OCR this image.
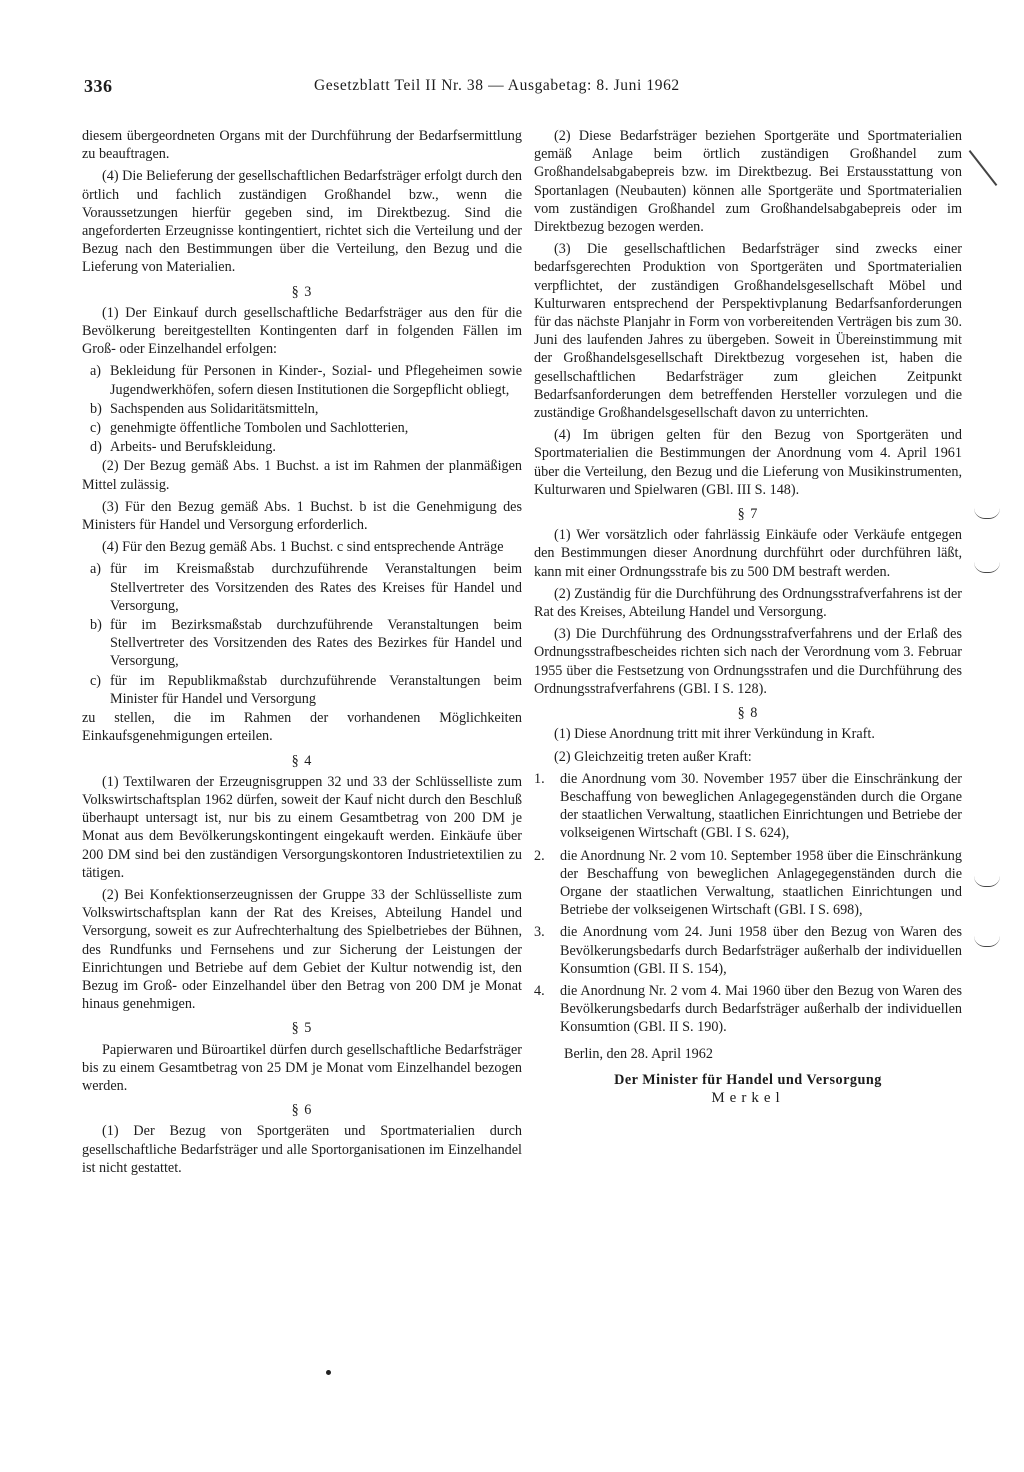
336	Gesetzblatt Teil II Nr. 38 — Ausgabetag: 8. Juni 1962

diesem übergeordneten Organs mit der Durchführung der Bedarfsermittlung zu beauftragen.

(4) Die Belieferung der gesellschaftlichen Bedarfsträger erfolgt durch den örtlich und fachlich zuständigen Großhandel bzw., wenn die Voraussetzungen hierfür gegeben sind, im Direktbezug. Sind die angeforderten Erzeugnisse kontingentiert, richtet sich die Verteilung und der Bezug nach den Bestimmungen über die Verteilung, den Bezug und die Lieferung von Materialien.

§ 3

(1) Der Einkauf durch gesellschaftliche Bedarfsträger aus den für die Bevölkerung bereitgestellten Kontingenten darf in folgenden Fällen im Groß- oder Einzelhandel erfolgen:

a) Bekleidung für Personen in Kinder-, Sozial- und Pflegeheimen sowie Jugendwerkhöfen, sofern diesen Institutionen die Sorgepflicht obliegt,
b) Sachspenden aus Solidaritätsmitteln,
c) genehmigte öffentliche Tombolen und Sachlotterien,
d) Arbeits- und Berufskleidung.

(2) Der Bezug gemäß Abs. 1 Buchst. a ist im Rahmen der planmäßigen Mittel zulässig.

(3) Für den Bezug gemäß Abs. 1 Buchst. b ist die Genehmigung des Ministers für Handel und Versorgung erforderlich.

(4) Für den Bezug gemäß Abs. 1 Buchst. c sind entsprechende Anträge

a) für im Kreismaßstab durchzuführende Veranstaltungen beim Stellvertreter des Vorsitzenden des Rates des Kreises für Handel und Versorgung,
b) für im Bezirksmaßstab durchzuführende Veranstaltungen beim Stellvertreter des Vorsitzenden des Rates des Bezirkes für Handel und Versorgung,
c) für im Republikmaßstab durchzuführende Veranstaltungen beim Minister für Handel und Versorgung

zu stellen, die im Rahmen der vorhandenen Möglichkeiten Einkaufsgenehmigungen erteilen.

§ 4

(1) Textilwaren der Erzeugnisgruppen 32 und 33 der Schlüsselliste zum Volkswirtschaftsplan 1962 dürfen, soweit der Kauf nicht durch den Beschluß überhaupt untersagt ist, nur bis zu einem Gesamtbetrag von 200 DM je Monat aus dem Bevölkerungskontingent eingekauft werden. Einkäufe über 200 DM sind bei den zuständigen Versorgungskontoren Industrietextilien zu tätigen.

(2) Bei Konfektionserzeugnissen der Gruppe 33 der Schlüsselliste zum Volkswirtschaftsplan kann der Rat des Kreises, Abteilung Handel und Versorgung, soweit es zur Aufrechterhaltung des Spielbetriebes der Bühnen, des Rundfunks und Fernsehens und zur Sicherung der Leistungen der Einrichtungen und Betriebe auf dem Gebiet der Kultur notwendig ist, den Bezug im Groß- oder Einzelhandel über den Betrag von 200 DM je Monat hinaus genehmigen.

§ 5

Papierwaren und Büroartikel dürfen durch gesellschaftliche Bedarfsträger bis zu einem Gesamtbetrag von 25 DM je Monat vom Einzelhandel bezogen werden.

§ 6

(1) Der Bezug von Sportgeräten und Sportmaterialien durch gesellschaftliche Bedarfsträger und alle Sportorganisationen im Einzelhandel ist nicht gestattet.

(2) Diese Bedarfsträger beziehen Sportgeräte und Sportmaterialien gemäß Anlage beim örtlich zuständigen Großhandel zum Großhandelsabgabepreis bzw. im Direktbezug. Bei Erstausstattung von Sportanlagen (Neubauten) können alle Sportgeräte und Sportmaterialien vom zuständigen Großhandel zum Großhandelsabgabepreis oder im Direktbezug bezogen werden.

(3) Die gesellschaftlichen Bedarfsträger sind zwecks einer bedarfsgerechten Produktion von Sportgeräten und Sportmaterialien verpflichtet, der zuständigen Großhandelsgesellschaft Möbel und Kulturwaren entsprechend der Perspektivplanung Bedarfsanforderungen für das nächste Planjahr in Form von vorbereitenden Verträgen bis zum 30. Juni des laufenden Jahres zu übergeben. Soweit in Übereinstimmung mit der Großhandelsgesellschaft Direktbezug vorgesehen ist, haben die gesellschaftlichen Bedarfsträger zum gleichen Zeitpunkt Bedarfsanforderungen dem betreffenden Hersteller vorzulegen und die zuständige Großhandelsgesellschaft davon zu unterrichten.

(4) Im übrigen gelten für den Bezug von Sportgeräten und Sportmaterialien die Bestimmungen der Anordnung vom 4. April 1961 über die Verteilung, den Bezug und die Lieferung von Musikinstrumenten, Kulturwaren und Spielwaren (GBl. III S. 148).

§ 7

(1) Wer vorsätzlich oder fahrlässig Einkäufe oder Verkäufe entgegen den Bestimmungen dieser Anordnung durchführt oder durchführen läßt, kann mit einer Ordnungsstrafe bis zu 500 DM bestraft werden.

(2) Zuständig für die Durchführung des Ordnungsstrafverfahrens ist der Rat des Kreises, Abteilung Handel und Versorgung.

(3) Die Durchführung des Ordnungsstrafverfahrens und der Erlaß des Ordnungsstrafbescheides richten sich nach der Verordnung vom 3. Februar 1955 über die Festsetzung von Ordnungsstrafen und die Durchführung des Ordnungsstrafverfahrens (GBl. I S. 128).

§ 8

(1) Diese Anordnung tritt mit ihrer Verkündung in Kraft.

(2) Gleichzeitig treten außer Kraft:

1.	die Anordnung vom 30. November 1957 über die Einschränkung der Beschaffung von beweglichen Anlagegegenständen durch die Organe der staatlichen Verwaltung, staatlichen Einrichtungen und Betriebe der volkseigenen Wirtschaft (GBl. I S. 624),
2.	die Anordnung Nr. 2 vom 10. September 1958 über die Einschränkung der Beschaffung von beweglichen Anlagegegenständen durch die Organe der staatlichen Verwaltung, staatlichen Einrichtungen und Betriebe der volkseigenen Wirtschaft (GBl. I S. 698),
3.	die Anordnung vom 24. Juni 1958 über den Bezug von Waren des Bevölkerungsbedarfs durch Bedarfsträger außerhalb der individuellen Konsumtion (GBl. II S. 154),
4.	die Anordnung Nr. 2 vom 4. Mai 1960 über den Bezug von Waren des Bevölkerungsbedarfs durch Bedarfsträger außerhalb der individuellen Konsumtion (GBl. II S. 190).

Berlin, den 28. April 1962

Der Minister für Handel und Versorgung
Merkel
